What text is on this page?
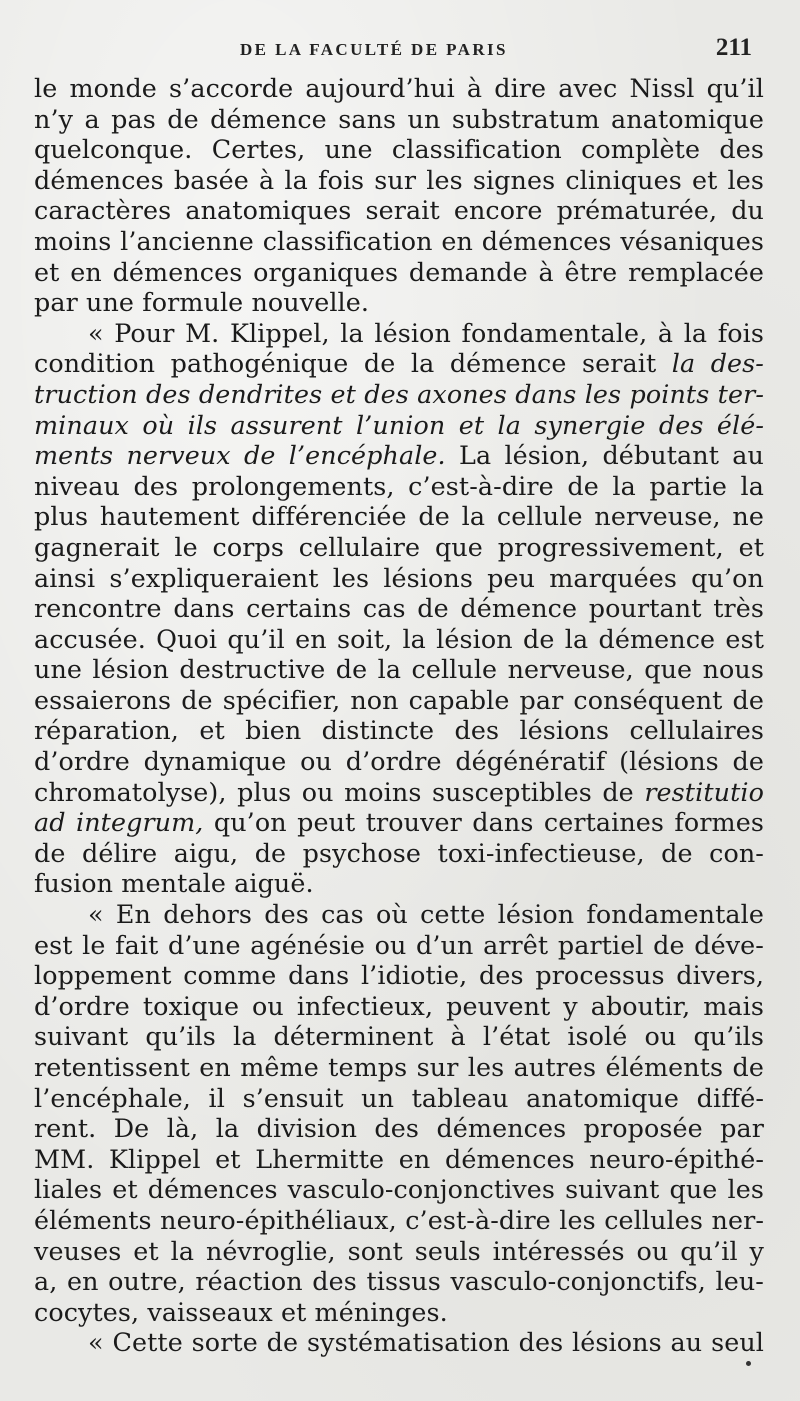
DE LA FACULTÉ DE PARIS	211
le monde s’accorde aujourd’hui à dire avec Nissl qu’il
n’y a pas de démence sans un substratum anatomique
quelconque. Certes, une classification complète des
démences basée à la fois sur les signes cliniques et les
caractères anatomiques serait encore prématurée, du
moins l’ancienne classification en démences vésaniques
et en démences organiques demande à être remplacée
par une formule nouvelle.
« Pour M. Klippel, la lésion fondamentale, à la fois
condition pathogénique de la démence serait la des-
truction des dendrites et des axones dans les points ter-
minaux où ils assurent l’union et la synergie des élé-
ments nerveux de l’encéphale. La lésion, débutant au
niveau des prolongements, c’est-à-dire de la partie la
plus hautement différenciée de la cellule nerveuse, ne
gagnerait le corps cellulaire que progressivement, et
ainsi s’expliqueraient les lésions peu marquées qu’on
rencontre dans certains cas de démence pourtant très
accusée. Quoi qu’il en soit, la lésion de la démence est
une lésion destructive de la cellule nerveuse, que nous
essaierons de spécifier, non capable par conséquent de
réparation, et bien distincte des lésions cellulaires
d’ordre dynamique ou d’ordre dégénératif (lésions de
chromatolyse), plus ou moins susceptibles de restitutio
ad integrum, qu’on peut trouver dans certaines formes
de délire aigu, de psychose toxi-infectieuse, de con-
fusion mentale aiguë.
« En dehors des cas où cette lésion fondamentale
est le fait d’une agénésie ou d’un arrêt partiel de déve-
loppement comme dans l’idiotie, des processus divers,
d’ordre toxique ou infectieux, peuvent y aboutir, mais
suivant qu’ils la déterminent à l’état isolé ou qu’ils
retentissent en même temps sur les autres éléments de
l’encéphale, il s’ensuit un tableau anatomique diffé-
rent. De là, la division des démences proposée par
MM. Klippel et Lhermitte en démences neuro-épithé-
liales et démences vasculo-conjonctives suivant que les
éléments neuro-épithéliaux, c’est-à-dire les cellules ner-
veuses et la névroglie, sont seuls intéressés ou qu’il y
a, en outre, réaction des tissus vasculo-conjonctifs, leu-
cocytes, vaisseaux et méninges.
« Cette sorte de systématisation des lésions au seul
